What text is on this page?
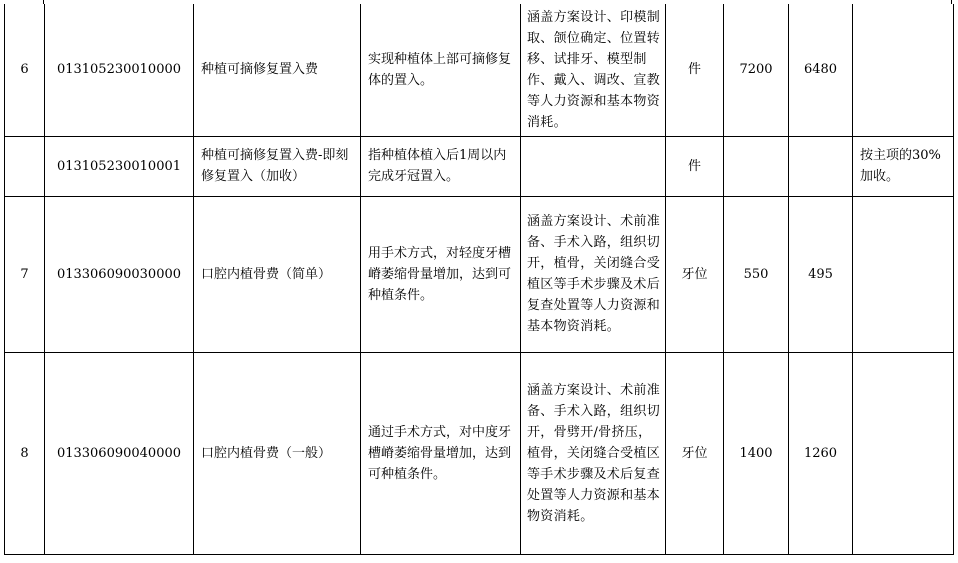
6	013105230010000	种植可摘修复置入费	实现种植体上部可摘修复体的置入。	涵盖方案设计、印模制取、颌位确定、位置转移、试排牙、模型制作、戴入、调改、宣教等人力资源和基本物资消耗。	件	7200	6480	
	013105230010001	种植可摘修复置入费-即刻修复置入（加收）	指种植体植入后1周以内完成牙冠置入。		件			按主项的30%加收。
7	013306090030000	口腔内植骨费（简单）	用手术方式，对轻度牙槽嵴萎缩骨量增加，达到可种植条件。	涵盖方案设计、术前准备、手术入路，组织切开，植骨，关闭缝合受植区等手术步骤及术后复查处置等人力资源和基本物资消耗。	牙位	550	495	
8	013306090040000	口腔内植骨费（一般）	通过手术方式，对中度牙槽嵴萎缩骨量增加，达到可种植条件。	涵盖方案设计、术前准备、手术入路，组织切开，骨劈开/骨挤压，植骨，关闭缝合受植区等手术步骤及术后复查处置等人力资源和基本物资消耗。	牙位	1400	1260	
